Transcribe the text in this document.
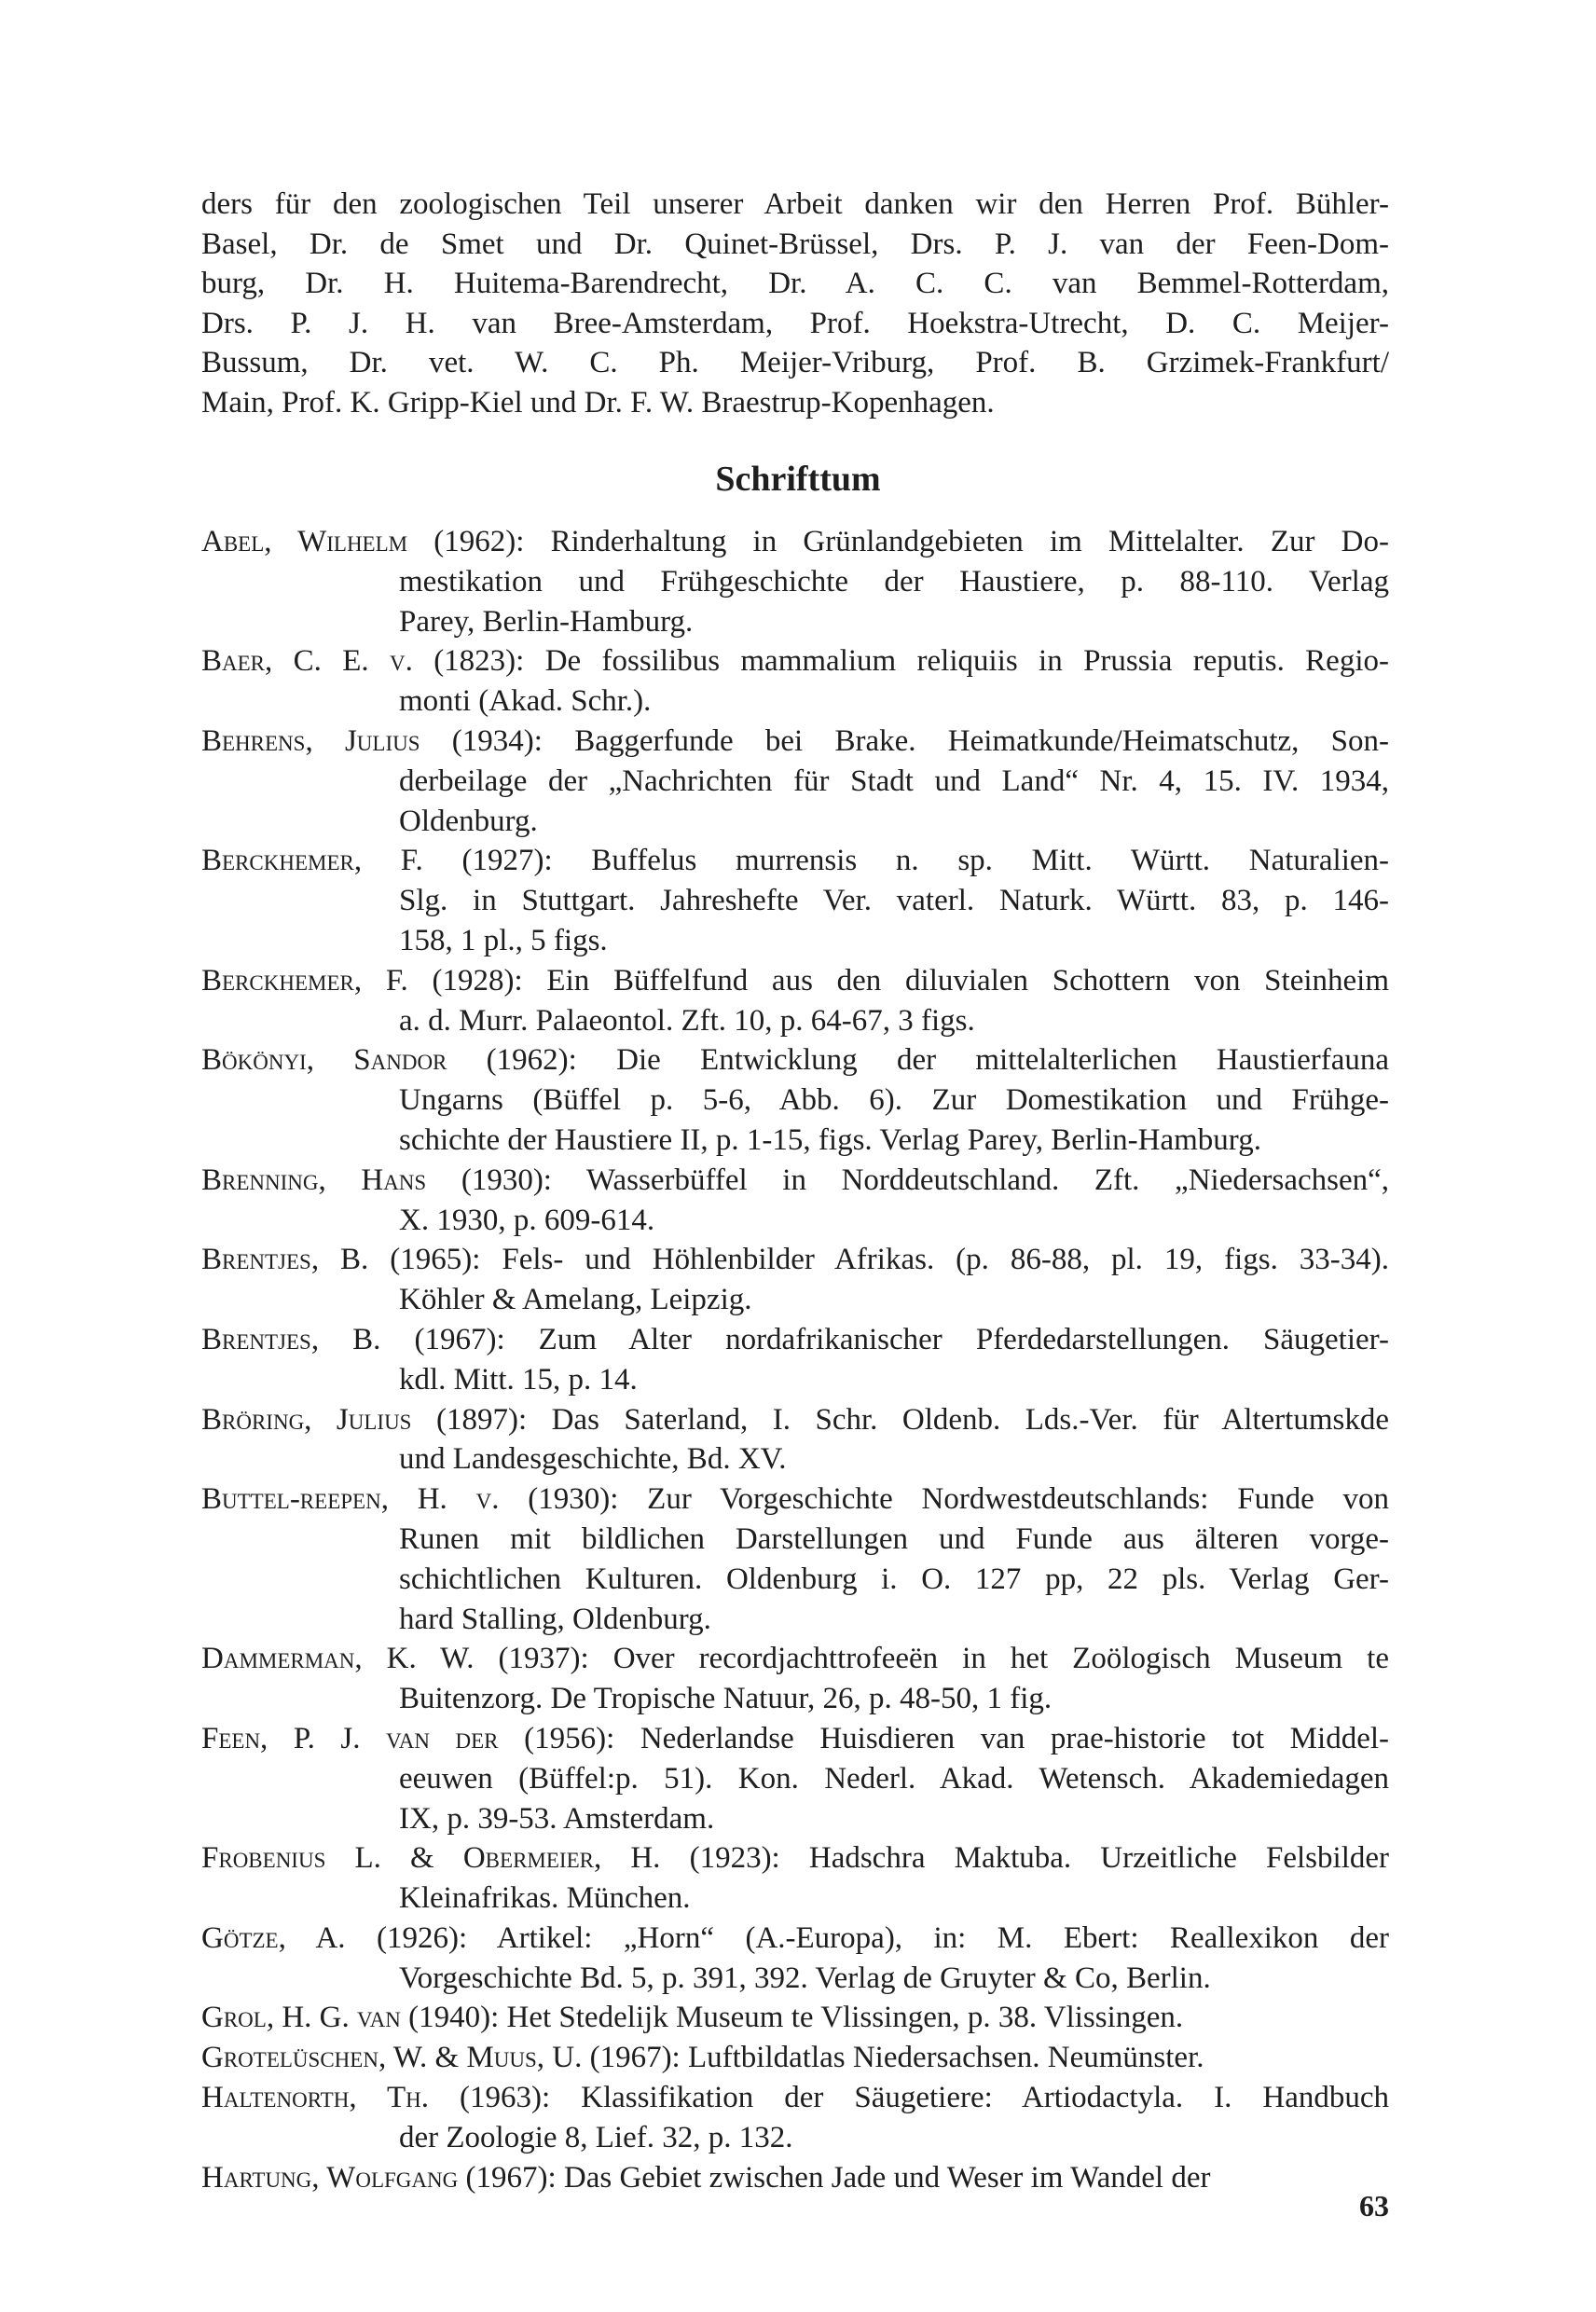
ders für den zoologischen Teil unserer Arbeit danken wir den Herren Prof. Bühler-
Basel, Dr. de Smet und Dr. Quinet-Brüssel, Drs. P. J. van der Feen-Dom-
burg, Dr. H. Huitema-Barendrecht, Dr. A. C. C. van Bemmel-Rotterdam,
Drs. P. J. H. van Bree-Amsterdam, Prof. Hoekstra-Utrecht, D. C. Meijer-
Bussum, Dr. vet. W. C. Ph. Meijer-Vriburg, Prof. B. Grzimek-Frankfurt/
Main, Prof. K. Gripp-Kiel und Dr. F. W. Braestrup-Kopenhagen.
Schrifttum
Abel, Wilhelm (1962): Rinderhaltung in Grünlandgebieten im Mittelalter. Zur Do-
mestikation und Frühgeschichte der Haustiere, p. 88-110. Verlag
Parey, Berlin-Hamburg.
Baer, C. E. v. (1823): De fossilibus mammalium reliquiis in Prussia reputis. Regio-
monti (Akad. Schr.).
Behrens, Julius (1934): Baggerfunde bei Brake. Heimatkunde/Heimatschutz, Son-
derbeilage der „Nachrichten für Stadt und Land“ Nr. 4, 15. IV. 1934,
Oldenburg.
Berckhemer, F. (1927): Buffelus murrensis n. sp. Mitt. Württ. Naturalien-
Slg. in Stuttgart. Jahreshefte Ver. vaterl. Naturk. Württ. 83, p. 146-
158, 1 pl., 5 figs.
Berckhemer, F. (1928): Ein Büffelfund aus den diluvialen Schottern von Steinheim
a. d. Murr. Palaeontol. Zft. 10, p. 64-67, 3 figs.
Bökönyi, Sandor (1962): Die Entwicklung der mittelalterlichen Haustierfauna
Ungarns (Büffel p. 5-6, Abb. 6). Zur Domestikation und Frühge-
schichte der Haustiere II, p. 1-15, figs. Verlag Parey, Berlin-Hamburg.
Brenning, Hans (1930): Wasserbüffel in Norddeutschland. Zft. „Niedersachsen“,
X. 1930, p. 609-614.
Brentjes, B. (1965): Fels- und Höhlenbilder Afrikas. (p. 86-88, pl. 19, figs. 33-34).
Köhler & Amelang, Leipzig.
Brentjes, B. (1967): Zum Alter nordafrikanischer Pferdedarstellungen. Säugetier-
kdl. Mitt. 15, p. 14.
Bröring, Julius (1897): Das Saterland, I. Schr. Oldenb. Lds.-Ver. für Altertumskde
und Landesgeschichte, Bd. XV.
Buttel-reepen, H. v. (1930): Zur Vorgeschichte Nordwestdeutschlands: Funde von
Runen mit bildlichen Darstellungen und Funde aus älteren vorge-
schichtlichen Kulturen. Oldenburg i. O. 127 pp, 22 pls. Verlag Ger-
hard Stalling, Oldenburg.
Dammerman, K. W. (1937): Over recordjachttrofeeën in het Zoölogisch Museum te
Buitenzorg. De Tropische Natuur, 26, p. 48-50, 1 fig.
Feen, P. J. van der (1956): Nederlandse Huisdieren van prae-historie tot Middel-
eeuwen (Büffel:p. 51). Kon. Nederl. Akad. Wetensch. Akademiedagen
IX, p. 39-53. Amsterdam.
Frobenius L. & Obermeier, H. (1923): Hadschra Maktuba. Urzeitliche Felsbilder
Kleinafrikas. München.
Götze, A. (1926): Artikel: „Horn“ (A.-Europa), in: M. Ebert: Reallexikon der
Vorgeschichte Bd. 5, p. 391, 392. Verlag de Gruyter & Co, Berlin.
Grol, H. G. van (1940): Het Stedelijk Museum te Vlissingen, p. 38. Vlissingen.
Grotelüschen, W. & Muus, U. (1967): Luftbildatlas Niedersachsen. Neumünster.
Haltenorth, Th. (1963): Klassifikation der Säugetiere: Artiodactyla. I. Handbuch
der Zoologie 8, Lief. 32, p. 132.
Hartung, Wolfgang (1967): Das Gebiet zwischen Jade und Weser im Wandel der
63
